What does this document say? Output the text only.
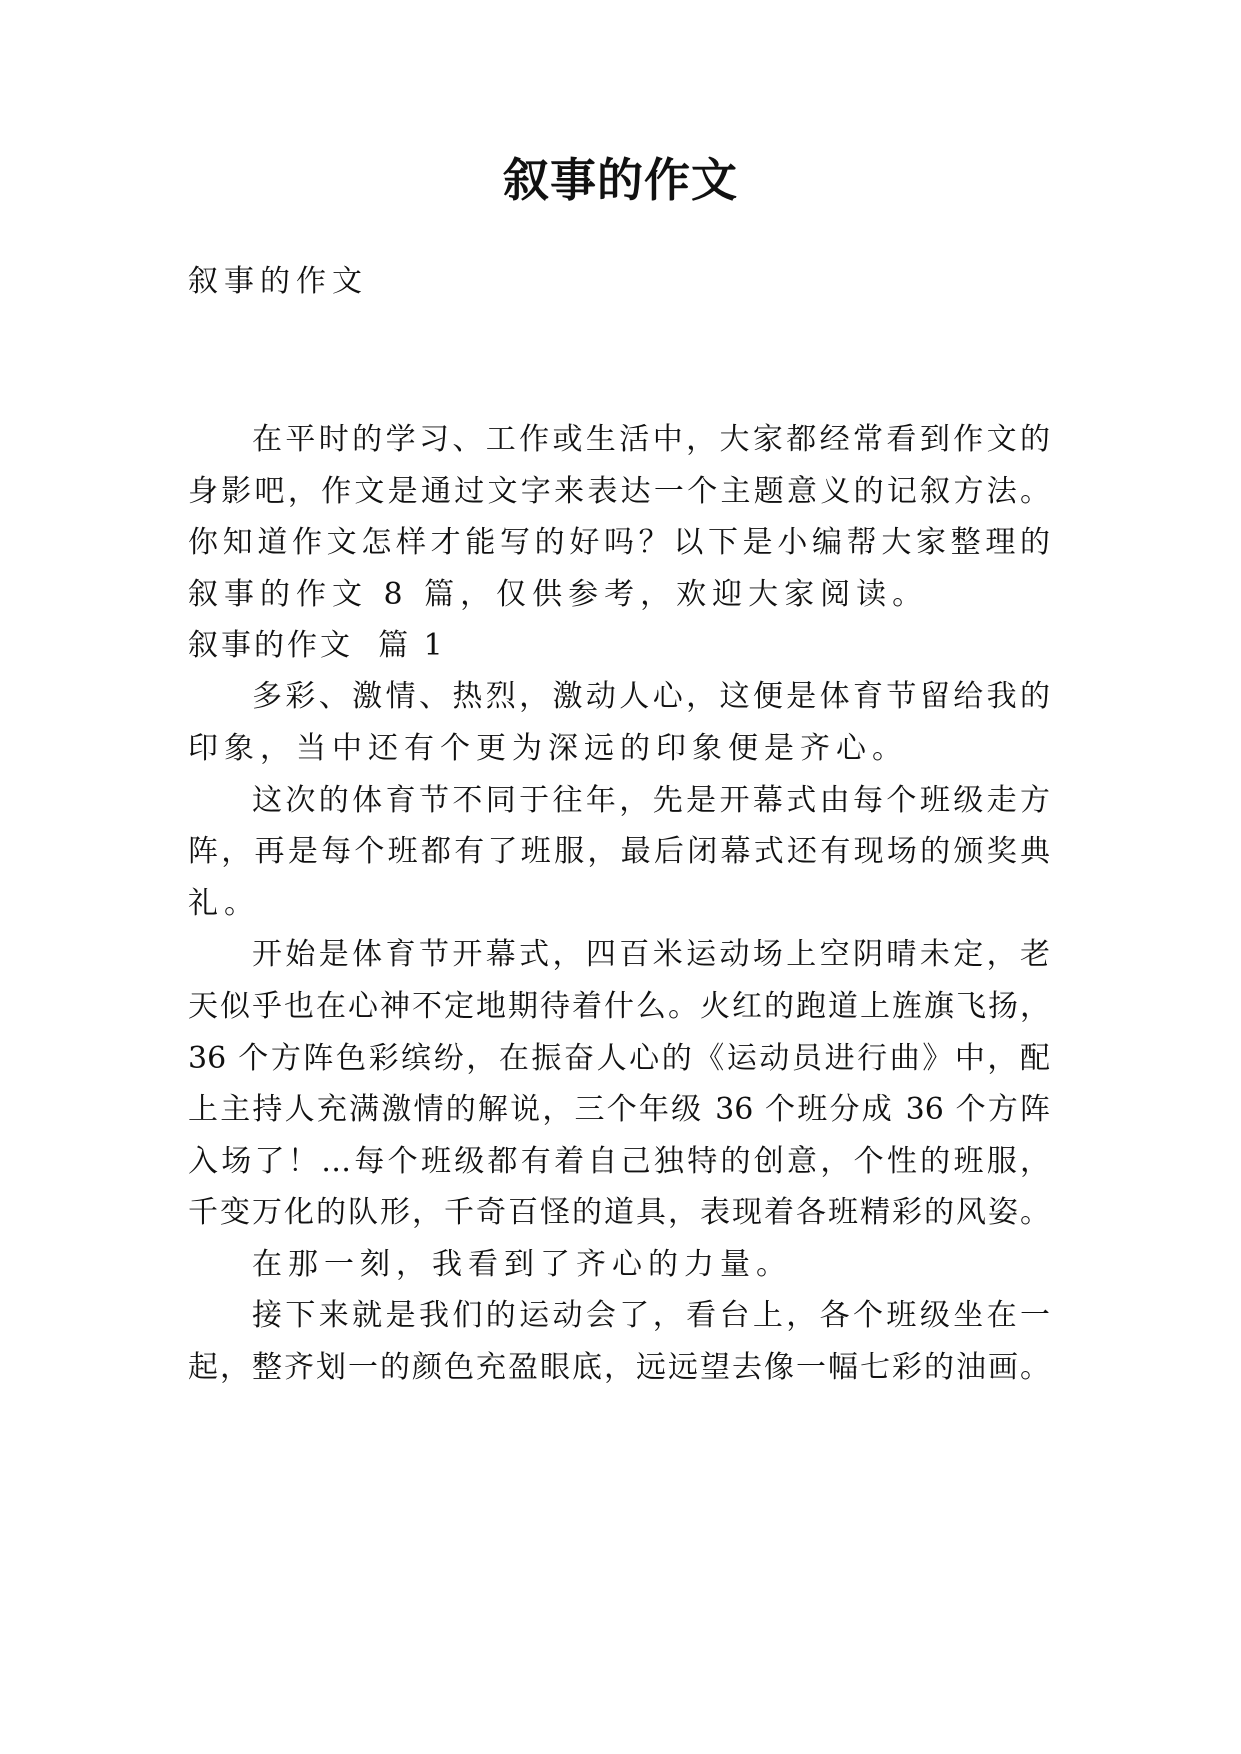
叙事的作文
叙事的作文
在平时的学习、工作或生活中，大家都经常看到作文的
身影吧，作文是通过文字来表达一个主题意义的记叙方法。
你知道作文怎样才能写的好吗？以下是小编帮大家整理的
叙事的作文 8 篇，仅供参考，欢迎大家阅读。
叙事的作文  篇 1
多彩、激情、热烈，激动人心，这便是体育节留给我的
印象，当中还有个更为深远的印象便是齐心。
这次的体育节不同于往年，先是开幕式由每个班级走方
阵，再是每个班都有了班服，最后闭幕式还有现场的颁奖典
礼。
开始是体育节开幕式，四百米运动场上空阴晴未定，老
天似乎也在心神不定地期待着什么。火红的跑道上旌旗飞扬，
36 个方阵色彩缤纷，在振奋人心的《运动员进行曲》中，配
上主持人充满激情的解说，三个年级 36 个班分成 36 个方阵
入场了！…每个班级都有着自己独特的创意，个性的班服，
千变万化的队形，千奇百怪的道具，表现着各班精彩的风姿。
在那一刻，我看到了齐心的力量。
接下来就是我们的运动会了，看台上，各个班级坐在一
起，整齐划一的颜色充盈眼底，远远望去像一幅七彩的油画。
